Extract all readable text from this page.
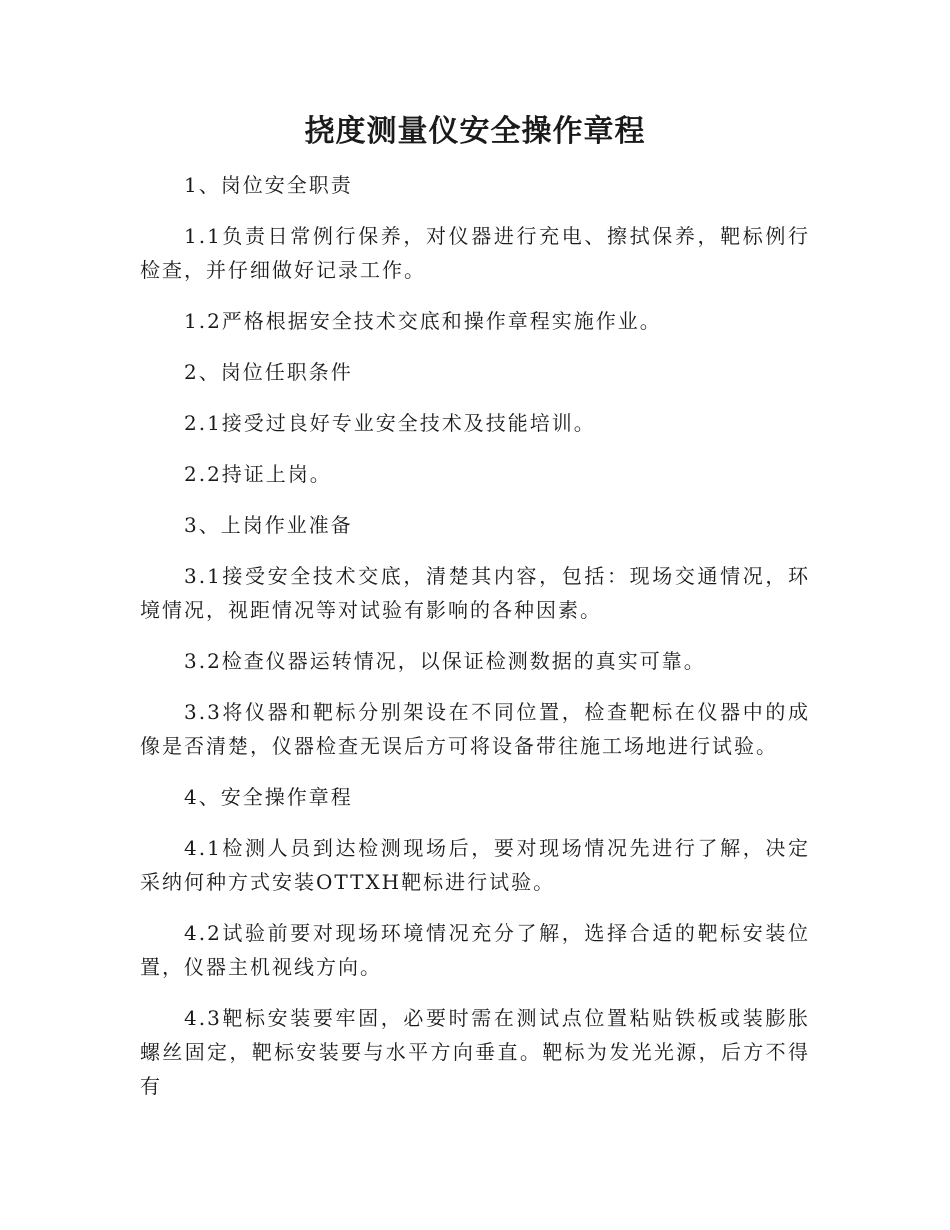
挠度测量仪安全操作章程

1、岗位安全职责

1.1负责日常例行保养，对仪器进行充电、擦拭保养，靶标例行检查，并仔细做好记录工作。

1.2严格根据安全技术交底和操作章程实施作业。

2、岗位任职条件

2.1接受过良好专业安全技术及技能培训。

2.2持证上岗。

3、上岗作业准备

3.1接受安全技术交底，清楚其内容，包括：现场交通情况，环境情况，视距情况等对试验有影响的各种因素。

3.2检查仪器运转情况，以保证检测数据的真实可靠。

3.3将仪器和靶标分别架设在不同位置，检查靶标在仪器中的成像是否清楚，仪器检查无误后方可将设备带往施工场地进行试验。

4、安全操作章程

4.1检测人员到达检测现场后，要对现场情况先进行了解，决定采纳何种方式安装OTTXH靶标进行试验。

4.2试验前要对现场环境情况充分了解，选择合适的靶标安装位置，仪器主机视线方向。

4.3靶标安装要牢固，必要时需在测试点位置粘贴铁板或装膨胀螺丝固定，靶标安装要与水平方向垂直。靶标为发光光源，后方不得有
